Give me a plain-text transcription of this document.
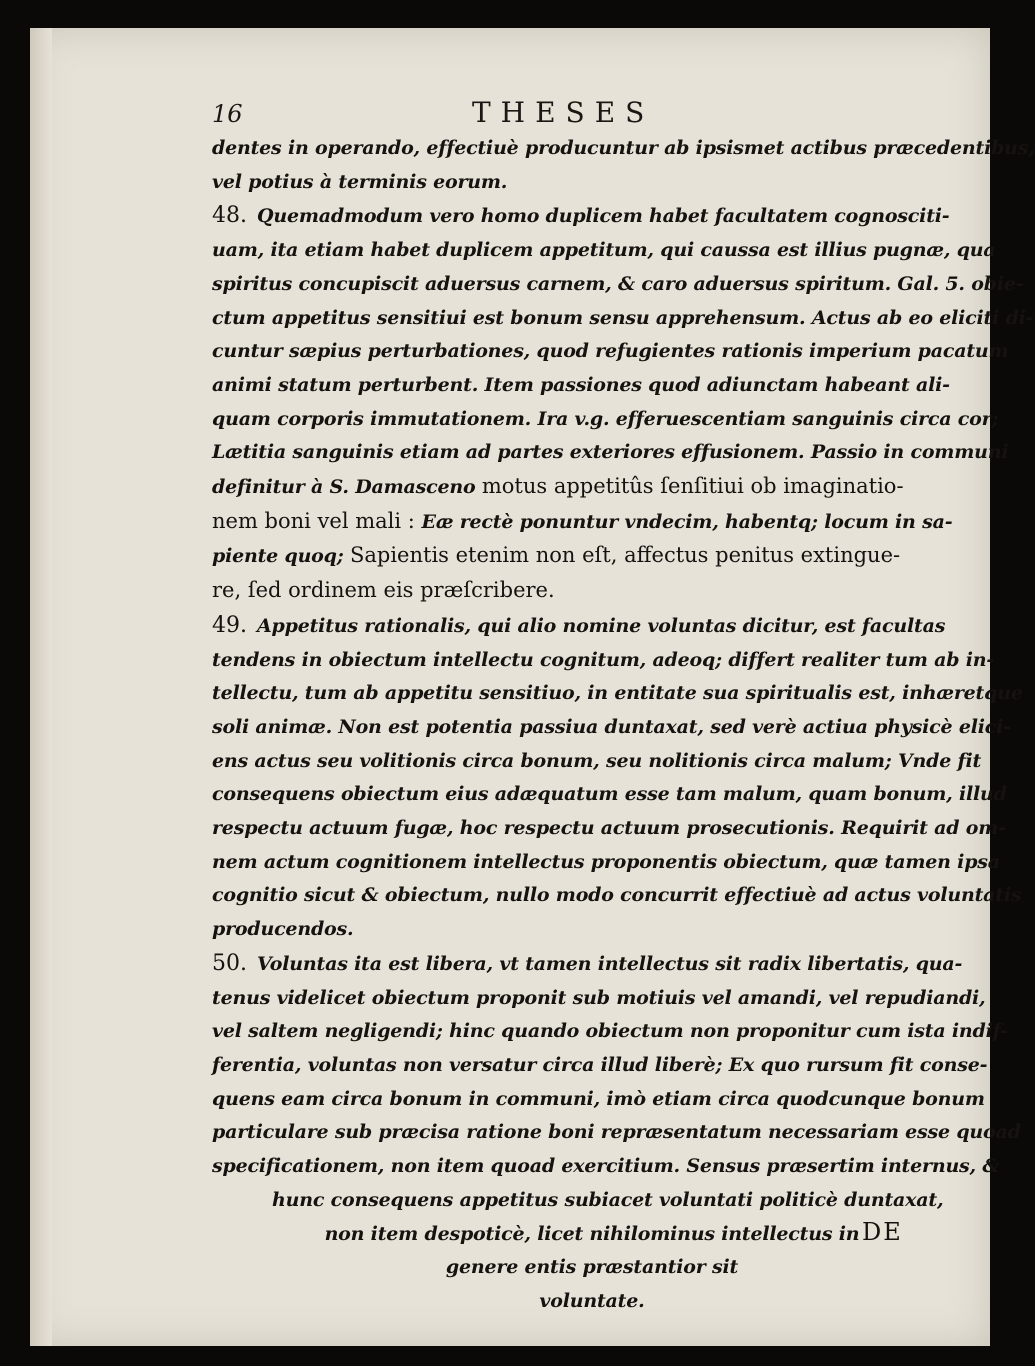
16	THESES
dentes in operando, effectiuè producuntur ab ipsismet actibus præcedentibus,
vel potius à terminis eorum.
48. Quemadmodum vero homo duplicem habet facultatem cognosciti-
uam, ita etiam habet duplicem appetitum, qui caussa est illius pugnæ, qua
spiritus concupiscit aduersus carnem, & caro aduersus spiritum. Gal. 5. obie-
ctum appetitus sensitiui est bonum sensu apprehensum. Actus ab eo eliciti di-
cuntur sæpius perturbationes, quod refugientes rationis imperium pacatum
animi statum perturbent. Item passiones quod adiunctam habeant ali-
quam corporis immutationem. Ira v.g. efferuescentiam sanguinis circa cor;
Lætitia sanguinis etiam ad partes exteriores effusionem. Passio in communi
definitur à S. Damasceno motus appetitûs ſenſitiui ob imaginatio-
nem boni vel mali : Eæ rectè ponuntur vndecim, habentq; locum in sa-
piente quoq; Sapientis etenim non eſt, affectus penitus extingue-
re, ſed ordinem eis præſcribere.
49. Appetitus rationalis, qui alio nomine voluntas dicitur, est facultas
tendens in obiectum intellectu cognitum, adeoq; differt realiter tum ab in-
tellectu, tum ab appetitu sensitiuo, in entitate sua spiritualis est, inhæretque
soli animæ. Non est potentia passiua duntaxat, sed verè actiua physicè elici-
ens actus seu volitionis circa bonum, seu nolitionis circa malum; Vnde fit
consequens obiectum eius adæquatum esse tam malum, quam bonum, illud
respectu actuum fugæ, hoc respectu actuum prosecutionis. Requirit ad om-
nem actum cognitionem intellectus proponentis obiectum, quæ tamen ipsa
cognitio sicut & obiectum, nullo modo concurrit effectiuè ad actus voluntatis
producendos.
50. Voluntas ita est libera, vt tamen intellectus sit radix libertatis, qua-
tenus videlicet obiectum proponit sub motiuis vel amandi, vel repudiandi,
vel saltem negligendi; hinc quando obiectum non proponitur cum ista indif-
ferentia, voluntas non versatur circa illud liberè; Ex quo rursum fit conse-
quens eam circa bonum in communi, imò etiam circa quodcunque bonum
particulare sub præcisa ratione boni repræsentatum necessariam esse quoad
specificationem, non item quoad exercitium. Sensus præsertim internus, &
hunc consequens appetitus subiacet voluntati politicè duntaxat,
non item despoticè, licet nihilominus intellectus in
genere entis præstantior sit
voluntate.
DE
